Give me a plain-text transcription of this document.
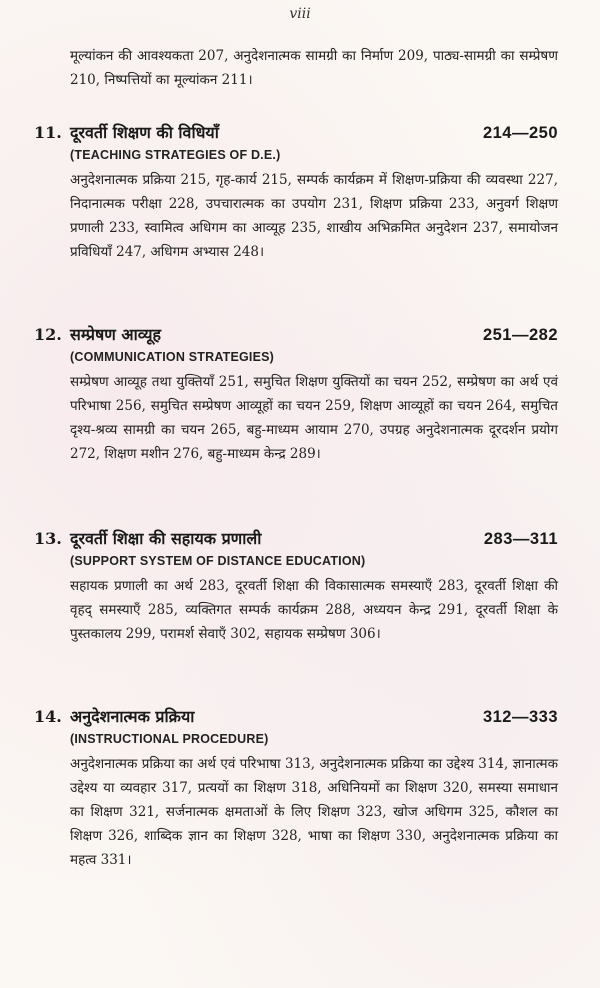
viii
मूल्यांकन की आवश्यकता 207, अनुदेशनात्मक सामग्री का निर्माण 209, पाठ्य-सामग्री का सम्प्रेषण 210, निष्पत्तियों का मूल्यांकन 211।
11. दूरवर्ती शिक्षण की विधियाँ	214—250
(TEACHING STRATEGIES OF D.E.)
अनुदेशनात्मक प्रक्रिया 215, गृह-कार्य 215, सम्पर्क कार्यक्रम में शिक्षण-प्रक्रिया की व्यवस्था 227, निदानात्मक परीक्षा 228, उपचारात्मक का उपयोग 231, शिक्षण प्रक्रिया 233, अनुवर्ग शिक्षण प्रणाली 233, स्वामित्व अधिगम का आव्यूह 235, शाखीय अभिक्रमित अनुदेशन 237, समायोजन प्रविधियाँ 247, अधिगम अभ्यास 248।
12. सम्प्रेषण आव्यूह	251—282
(COMMUNICATION STRATEGIES)
सम्प्रेषण आव्यूह तथा युक्तियाँ 251, समुचित शिक्षण युक्तियों का चयन 252, सम्प्रेषण का अर्थ एवं परिभाषा 256, समुचित सम्प्रेषण आव्यूहों का चयन 259, शिक्षण आव्यूहों का चयन 264, समुचित दृश्य-श्रव्य सामग्री का चयन 265, बहु-माध्यम आयाम 270, उपग्रह अनुदेशनात्मक दूरदर्शन प्रयोग 272, शिक्षण मशीन 276, बहु-माध्यम केन्द्र 289।
13. दूरवर्ती शिक्षा की सहायक प्रणाली	283—311
(SUPPORT SYSTEM OF DISTANCE EDUCATION)
सहायक प्रणाली का अर्थ 283, दूरवर्ती शिक्षा की विकासात्मक समस्याएँ 283, दूरवर्ती शिक्षा की वृहद् समस्याएँ 285, व्यक्तिगत सम्पर्क कार्यक्रम 288, अध्ययन केन्द्र 291, दूरवर्ती शिक्षा के पुस्तकालय 299, परामर्श सेवाएँ 302, सहायक सम्प्रेषण 306।
14. अनुदेशनात्मक प्रक्रिया	312—333
(INSTRUCTIONAL PROCEDURE)
अनुदेशनात्मक प्रक्रिया का अर्थ एवं परिभाषा 313, अनुदेशनात्मक प्रक्रिया का उद्देश्य 314, ज्ञानात्मक उद्देश्य या व्यवहार 317, प्रत्ययों का शिक्षण 318, अधिनियमों का शिक्षण 320, समस्या समाधान का शिक्षण 321, सर्जनात्मक क्षमताओं के लिए शिक्षण 323, खोज अधिगम 325, कौशल का शिक्षण 326, शाब्दिक ज्ञान का शिक्षण 328, भाषा का शिक्षण 330, अनुदेशनात्मक प्रक्रिया का महत्व 331।
